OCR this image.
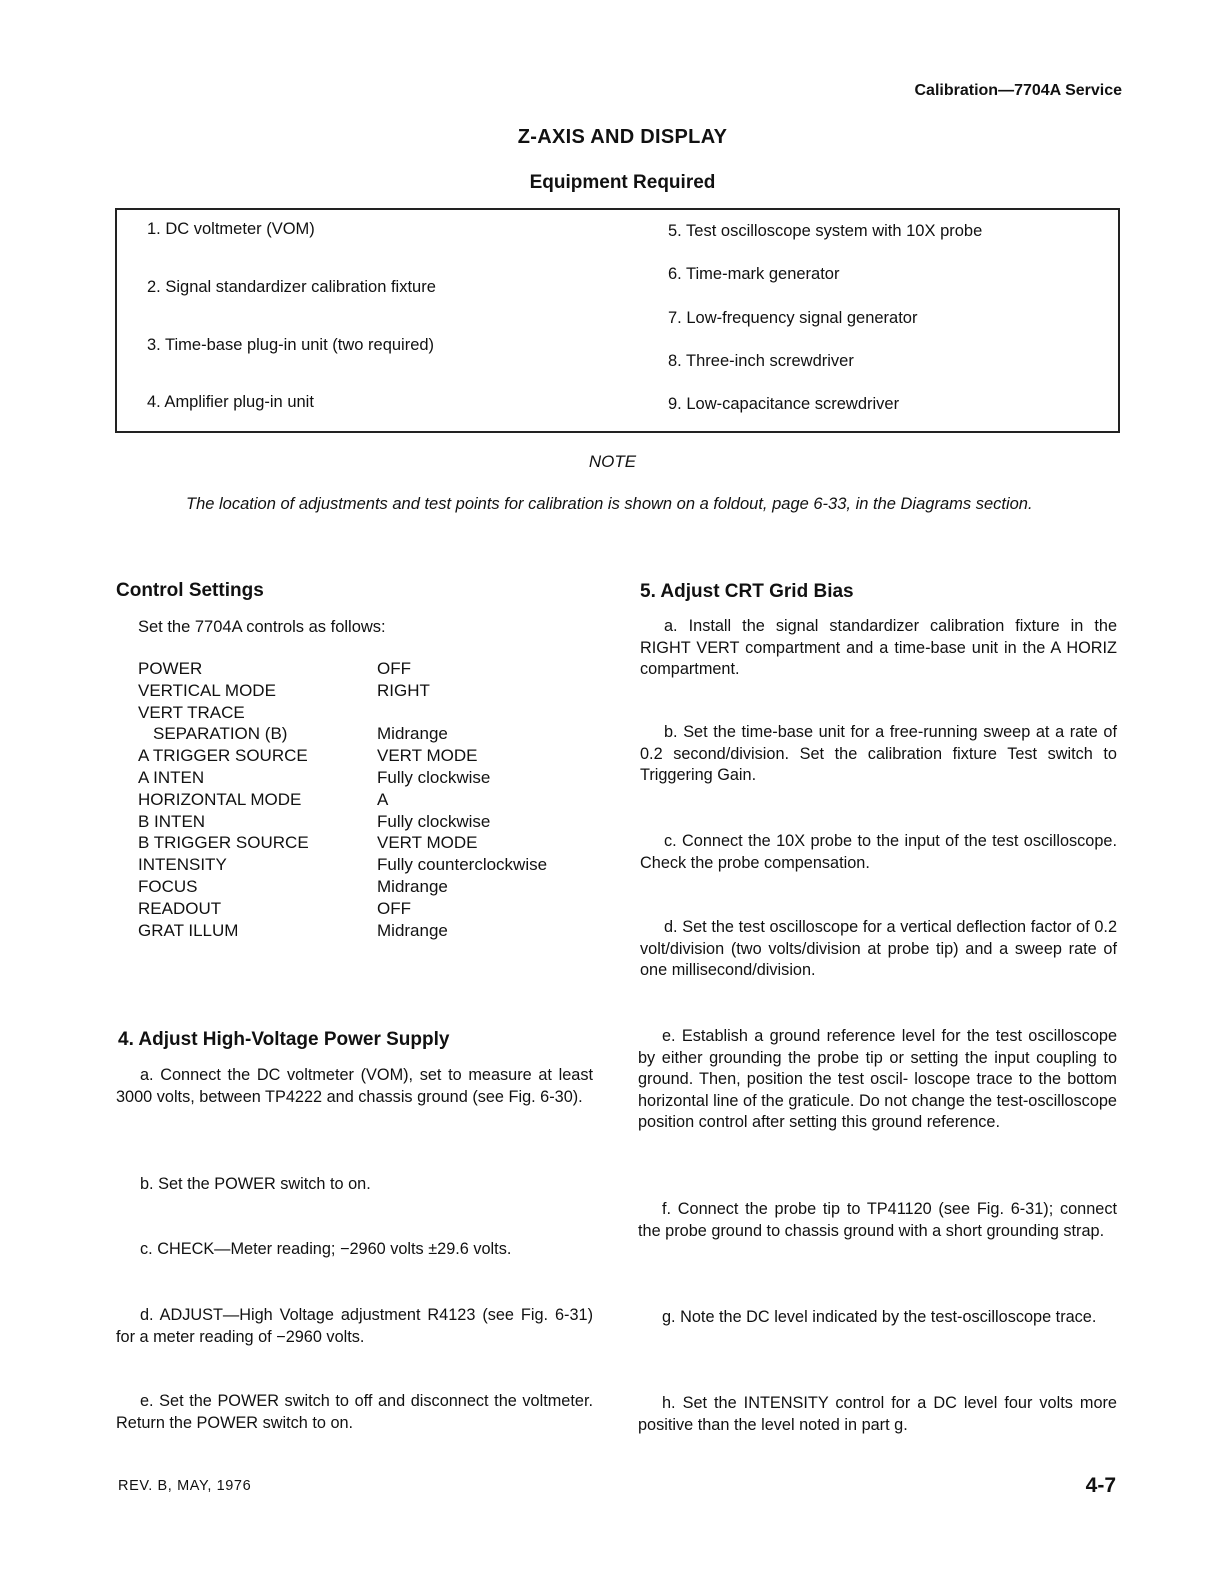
Calibration—7704A Service
Z-AXIS AND DISPLAY
Equipment Required
1. DC voltmeter (VOM)
2. Signal standardizer calibration fixture
3. Time-base plug-in unit (two required)
4. Amplifier plug-in unit
5. Test oscilloscope system with 10X probe
6. Time-mark generator
7. Low-frequency signal generator
8. Three-inch screwdriver
9. Low-capacitance screwdriver
NOTE
The location of adjustments and test points for calibration is shown on a foldout, page 6-33, in the Diagrams section.
Control Settings
Set the 7704A controls as follows:
POWER	OFF
VERTICAL MODE	RIGHT
VERT TRACE
SEPARATION (B)	Midrange
A TRIGGER SOURCE	VERT MODE
A INTEN	Fully clockwise
HORIZONTAL MODE	A
B INTEN	Fully clockwise
B TRIGGER SOURCE	VERT MODE
INTENSITY	Fully counterclockwise
FOCUS	Midrange
READOUT	OFF
GRAT ILLUM	Midrange
4. Adjust High-Voltage Power Supply
a. Connect the DC voltmeter (VOM), set to measure at least 3000 volts, between TP4222 and chassis ground (see Fig. 6-30).
b. Set the POWER switch to on.
c. CHECK—Meter reading; −2960 volts ±29.6 volts.
d. ADJUST—High Voltage adjustment R4123 (see Fig. 6-31) for a meter reading of −2960 volts.
e. Set the POWER switch to off and disconnect the voltmeter. Return the POWER switch to on.
5. Adjust CRT Grid Bias
a. Install the signal standardizer calibration fixture in the RIGHT VERT compartment and a time-base unit in the A HORIZ compartment.
b. Set the time-base unit for a free-running sweep at a rate of 0.2 second/division. Set the calibration fixture Test switch to Triggering Gain.
c. Connect the 10X probe to the input of the test oscilloscope. Check the probe compensation.
d. Set the test oscilloscope for a vertical deflection factor of 0.2 volt/division (two volts/division at probe tip) and a sweep rate of one millisecond/division.
e. Establish a ground reference level for the test oscilloscope by either grounding the probe tip or setting the input coupling to ground. Then, position the test oscil- loscope trace to the bottom horizontal line of the graticule. Do not change the test-oscilloscope position control after setting this ground reference.
f. Connect the probe tip to TP41120 (see Fig. 6-31); connect the probe ground to chassis ground with a short grounding strap.
g. Note the DC level indicated by the test-oscilloscope trace.
h. Set the INTENSITY control for a DC level four volts more positive than the level noted in part g.
REV. B, MAY, 1976	4-7
